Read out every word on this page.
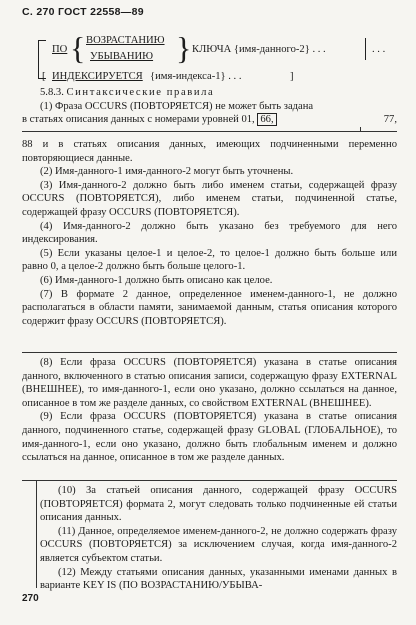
С. 270 ГОСТ 22558—89
ПО { ВОЗРАСТАНИЮ
УБЫВАНИЮ } КЛЮЧА {имя-данного-2} . . .	. . .
[ ИНДЕКСИРУЕТСЯ {имя-индекса-1} . . .	]

5.8.3. Синтаксические правила

(1) Фраза OCCURS (ПОВТОРЯЕТСЯ) не может быть задана

в статьях описания данных с номерами уровней 01, 66,	77,

88 и в статьях описания данных, имеющих подчиненными переменно повторяющиеся данные.

(2) Имя-данного-1 имя-данного-2 могут быть уточнены.

(3) Имя-данного-2 должно быть либо именем статьи, содержащей фразу OCCURS (ПОВТОРЯЕТСЯ), либо именем статьи, подчиненной статье, содержащей фразу OCCURS (ПОВТОРЯЕТСЯ).

(4) Имя-данного-2 должно быть указано без требуемого для него индексирования.

(5) Если указаны целое-1 и целое-2, то целое-1 должно быть больше или равно 0, а целое-2 должно быть больше целого-1.

(6) Имя-данного-1 должно быть описано как целое.

(7) В формате 2 данное, определенное именем-данного-1, не должно располагаться в области памяти, занимаемой данным, статья описания которого содержит фразу OCCURS (ПОВТОРЯЕТСЯ).

(8) Если фраза OCCURS (ПОВТОРЯЕТСЯ) указана в статье описания данного, включенного в статью описания записи, содержащую фразу EXTERNAL (ВНЕШНЕЕ), то имя-данного-1, если оно указано, должно ссылаться на данное, описанное в том же разделе данных, со свойством EXTERNAL (ВНЕШНЕЕ).

(9) Если фраза OCCURS (ПОВТОРЯЕТСЯ) указана в статье описания данного, подчиненного статье, содержащей фразу GLOBAL (ГЛОБАЛЬНОЕ), то имя-данного-1, если оно указано, должно быть глобальным именем и должно ссылаться на данное, описанное в том же разделе данных.

(10) За статьей описания данного, содержащей фразу OCCURS (ПОВТОРЯЕТСЯ) формата 2, могут следовать только подчиненные ей статьи описания данных.

(11) Данное, определяемое именем-данного-2, не должно содержать фразу OCCURS (ПОВТОРЯЕТСЯ) за исключением случая, когда имя-данного-2 является субъектом статьи.

(12) Между статьями описания данных, указанными именами данных в варианте KEY IS (ПО ВОЗРАСТАНИЮ/УБЫВА-

270
